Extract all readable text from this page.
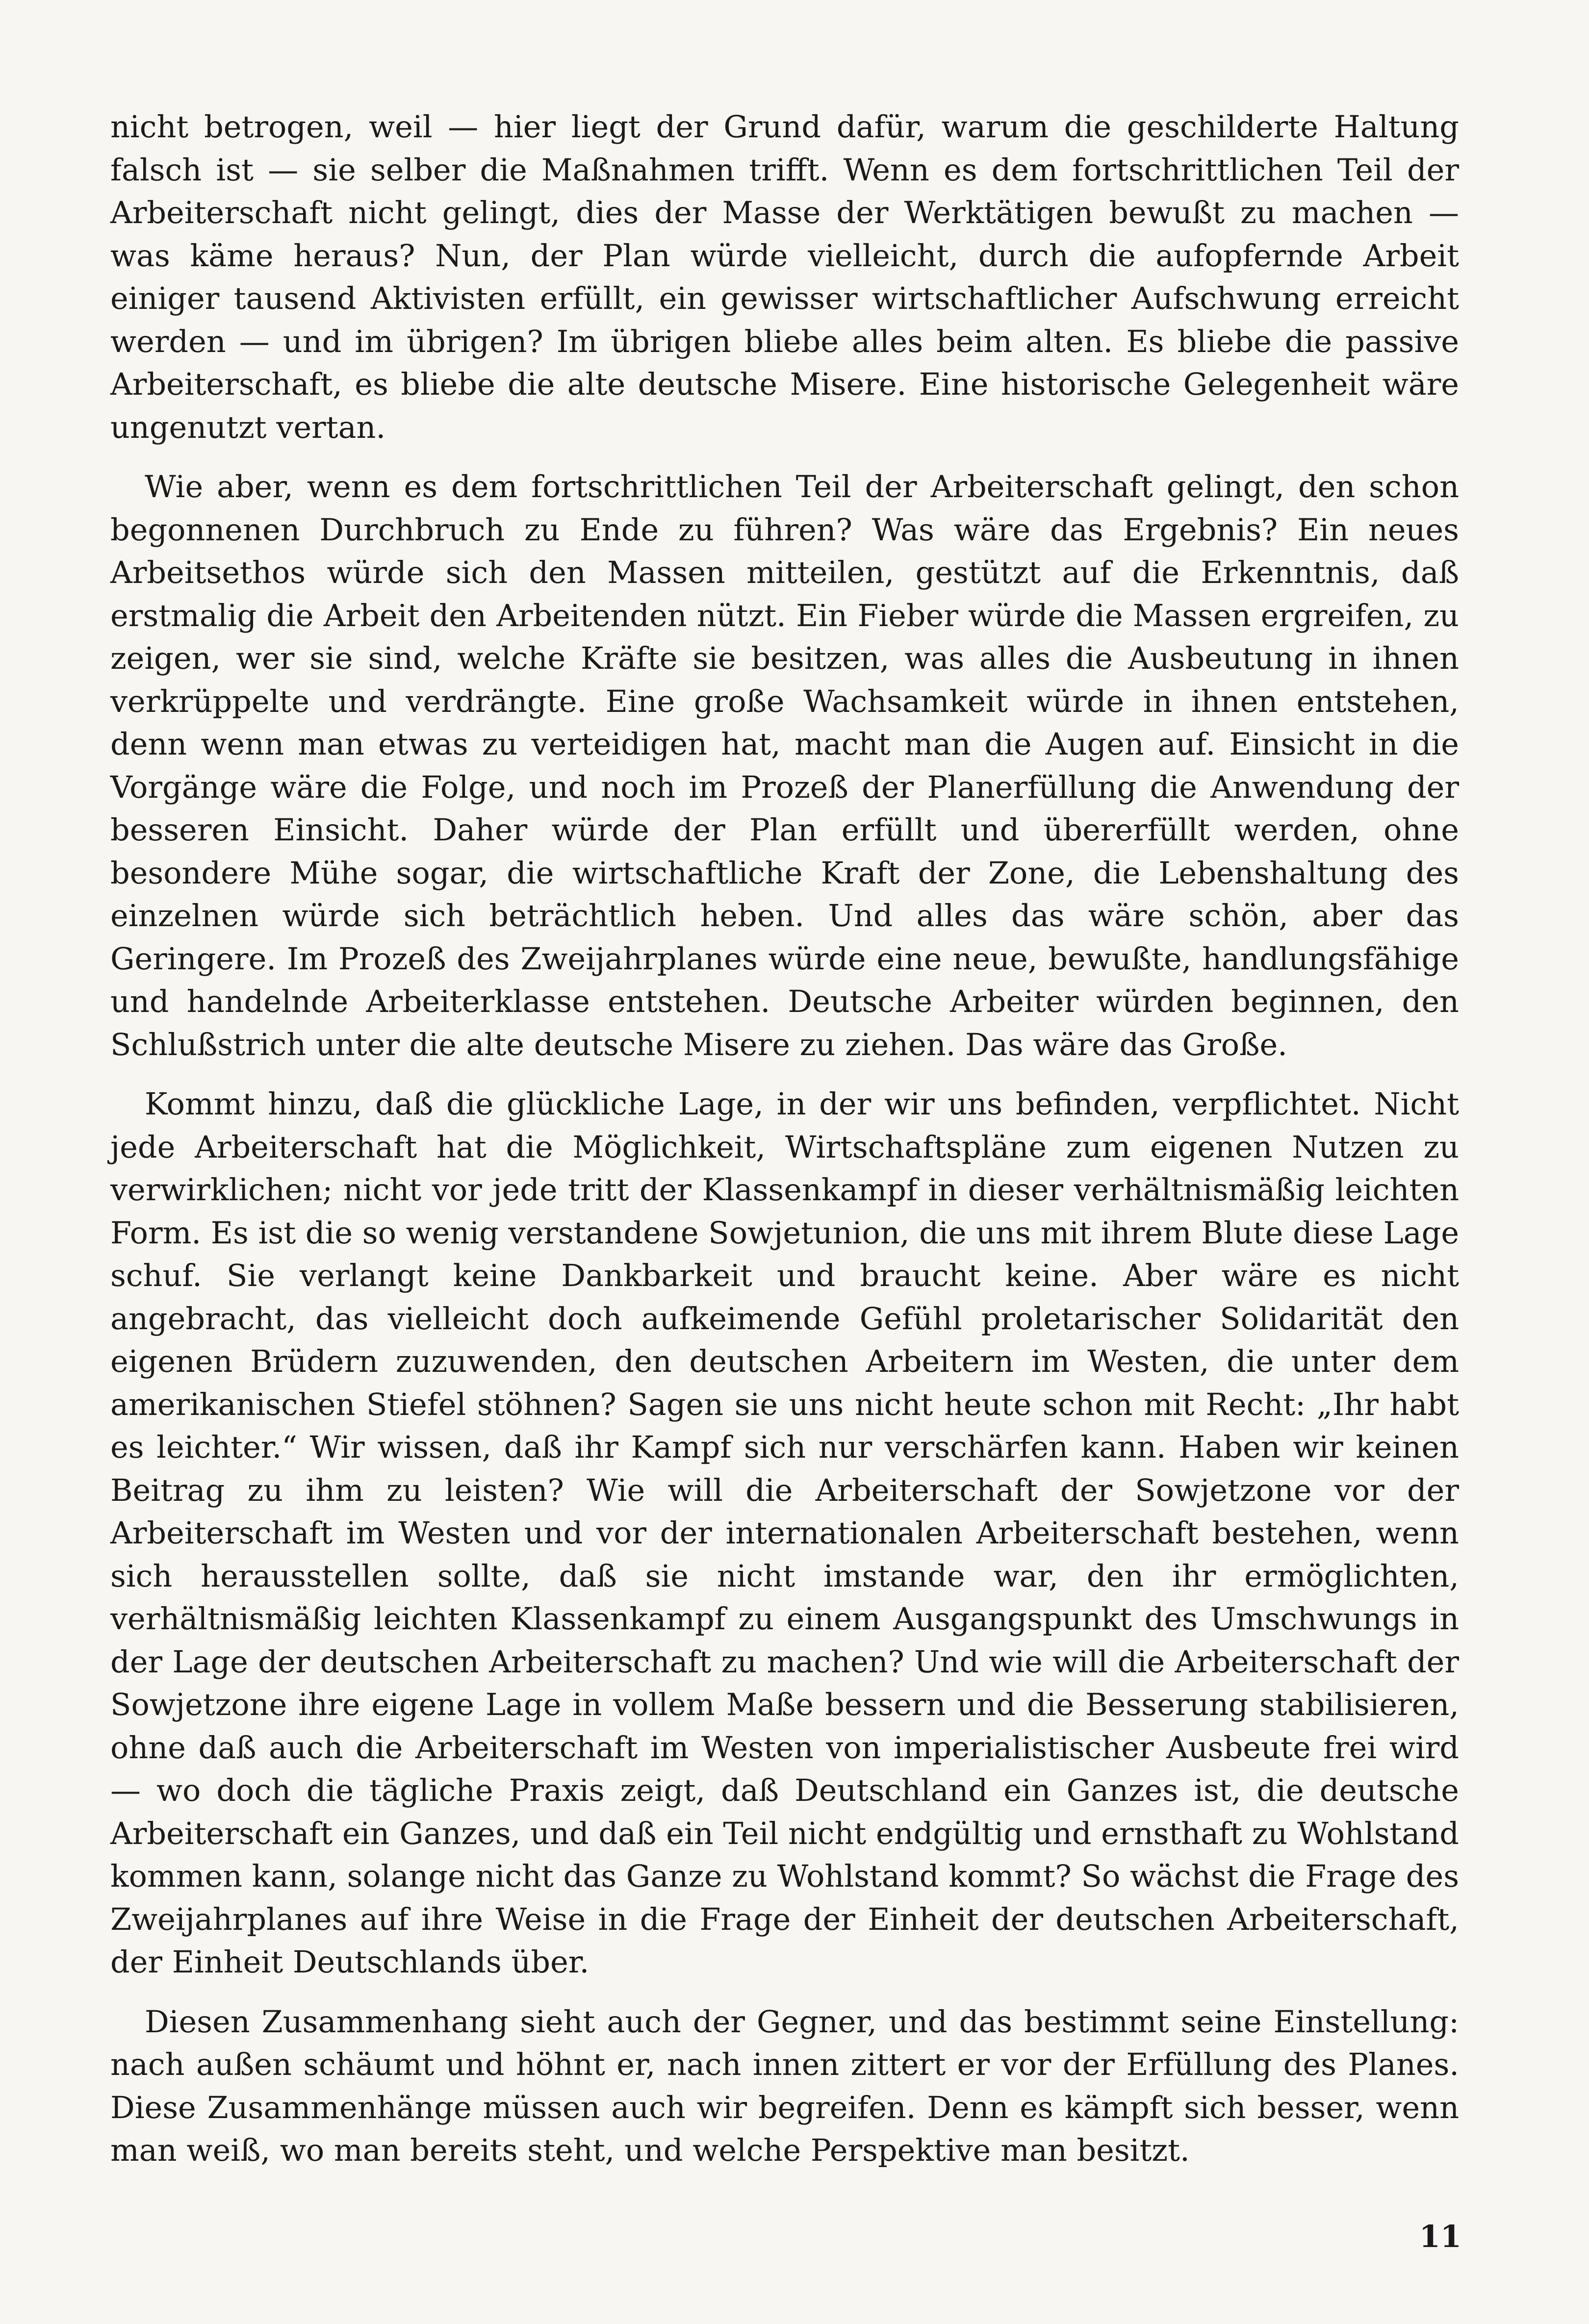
nicht betrogen, weil — hier liegt der Grund dafür, warum die geschilderte Haltung falsch ist — sie selber die Maßnahmen trifft. Wenn es dem fortschrittlichen Teil der Arbeiterschaft nicht gelingt, dies der Masse der Werktätigen bewußt zu machen — was käme heraus? Nun, der Plan würde vielleicht, durch die aufopfernde Arbeit einiger tausend Aktivisten erfüllt, ein gewisser wirtschaftlicher Aufschwung erreicht werden — und im übrigen? Im übrigen bliebe alles beim alten. Es bliebe die passive Arbeiterschaft, es bliebe die alte deutsche Misere. Eine historische Gelegenheit wäre ungenutzt vertan.

Wie aber, wenn es dem fortschrittlichen Teil der Arbeiterschaft gelingt, den schon begonnenen Durchbruch zu Ende zu führen? Was wäre das Ergebnis? Ein neues Arbeitsethos würde sich den Massen mitteilen, gestützt auf die Erkenntnis, daß erstmalig die Arbeit den Arbeitenden nützt. Ein Fieber würde die Massen ergreifen, zu zeigen, wer sie sind, welche Kräfte sie besitzen, was alles die Ausbeutung in ihnen verkrüppelte und verdrängte. Eine große Wachsamkeit würde in ihnen entstehen, denn wenn man etwas zu verteidigen hat, macht man die Augen auf. Einsicht in die Vorgänge wäre die Folge, und noch im Prozeß der Planerfüllung die Anwendung der besseren Einsicht. Daher würde der Plan erfüllt und übererfüllt werden, ohne besondere Mühe sogar, die wirtschaftliche Kraft der Zone, die Lebenshaltung des einzelnen würde sich beträchtlich heben. Und alles das wäre schön, aber das Geringere. Im Prozeß des Zweijahrplanes würde eine neue, bewußte, handlungsfähige und handelnde Arbeiterklasse entstehen. Deutsche Arbeiter würden beginnen, den Schlußstrich unter die alte deutsche Misere zu ziehen. Das wäre das Große.

Kommt hinzu, daß die glückliche Lage, in der wir uns befinden, verpflichtet. Nicht jede Arbeiterschaft hat die Möglichkeit, Wirtschaftspläne zum eigenen Nutzen zu verwirklichen; nicht vor jede tritt der Klassenkampf in dieser verhältnismäßig leichten Form. Es ist die so wenig verstandene Sowjetunion, die uns mit ihrem Blute diese Lage schuf. Sie verlangt keine Dankbarkeit und braucht keine. Aber wäre es nicht angebracht, das vielleicht doch aufkeimende Gefühl proletarischer Solidarität den eigenen Brüdern zuzuwenden, den deutschen Arbeitern im Westen, die unter dem amerikanischen Stiefel stöhnen? Sagen sie uns nicht heute schon mit Recht: „Ihr habt es leichter.“ Wir wissen, daß ihr Kampf sich nur verschärfen kann. Haben wir keinen Beitrag zu ihm zu leisten? Wie will die Arbeiterschaft der Sowjetzone vor der Arbeiterschaft im Westen und vor der internationalen Arbeiterschaft bestehen, wenn sich herausstellen sollte, daß sie nicht imstande war, den ihr ermöglichten, verhältnismäßig leichten Klassenkampf zu einem Ausgangspunkt des Umschwungs in der Lage der deutschen Arbeiterschaft zu machen? Und wie will die Arbeiterschaft der Sowjetzone ihre eigene Lage in vollem Maße bessern und die Besserung stabilisieren, ohne daß auch die Arbeiterschaft im Westen von imperialistischer Ausbeute frei wird — wo doch die tägliche Praxis zeigt, daß Deutschland ein Ganzes ist, die deutsche Arbeiterschaft ein Ganzes, und daß ein Teil nicht endgültig und ernsthaft zu Wohlstand kommen kann, solange nicht das Ganze zu Wohlstand kommt? So wächst die Frage des Zweijahrplanes auf ihre Weise in die Frage der Einheit der deutschen Arbeiterschaft, der Einheit Deutschlands über.

Diesen Zusammenhang sieht auch der Gegner, und das bestimmt seine Einstellung: nach außen schäumt und höhnt er, nach innen zittert er vor der Erfüllung des Planes. Diese Zusammenhänge müssen auch wir begreifen. Denn es kämpft sich besser, wenn man weiß, wo man bereits steht, und welche Perspektive man besitzt.

11
